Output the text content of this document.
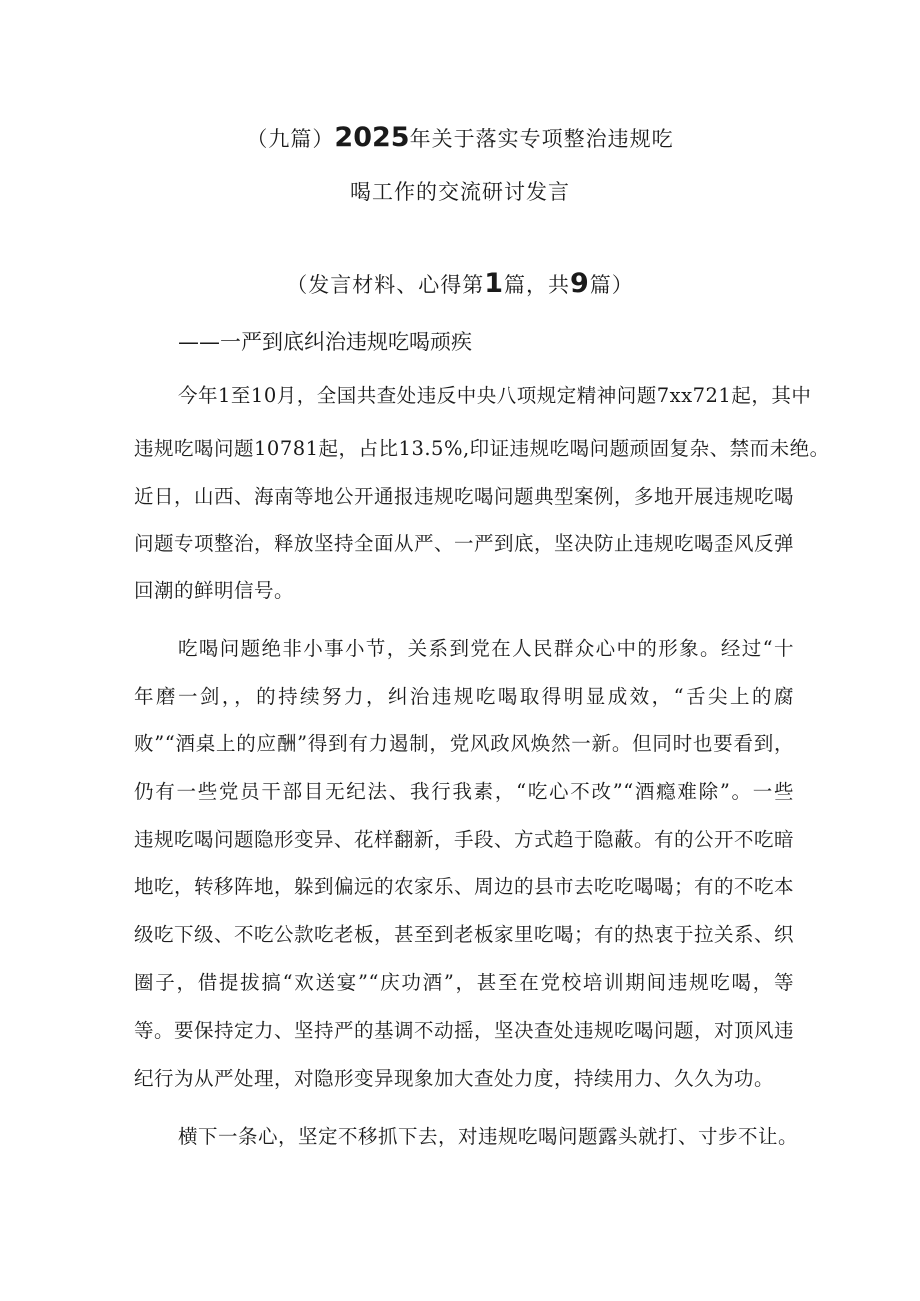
（九篇）2025年关于落实专项整治违规吃
喝工作的交流研讨发言
（发言材料、心得第1篇，共9篇）
——一严到底纠治违规吃喝顽疾
今年1至10月，全国共查处违反中央八项规定精神问题7xx721起，其中
违规吃喝问题10781起，占比13.5%,印证违规吃喝问题顽固复杂、禁而未绝。
近日，山西、海南等地公开通报违规吃喝问题典型案例，多地开展违规吃喝
问题专项整治，释放坚持全面从严、一严到底，坚决防止违规吃喝歪风反弹
回潮的鲜明信号。
吃喝问题绝非小事小节，关系到党在人民群众心中的形象。经过“十
年磨一剑，，的持续努力，纠治违规吃喝取得明显成效，“舌尖上的腐
败”“酒桌上的应酬”得到有力遏制，党风政风焕然一新。但同时也要看到，
仍有一些党员干部目无纪法、我行我素，“吃心不改”“酒瘾难除”。一些
违规吃喝问题隐形变异、花样翻新，手段、方式趋于隐蔽。有的公开不吃暗
地吃，转移阵地，躲到偏远的农家乐、周边的县市去吃吃喝喝；有的不吃本
级吃下级、不吃公款吃老板，甚至到老板家里吃喝；有的热衷于拉关系、织
圈子，借提拔搞“欢送宴”“庆功酒”，甚至在党校培训期间违规吃喝，等
等。要保持定力、坚持严的基调不动摇，坚决查处违规吃喝问题，对顶风违
纪行为从严处理，对隐形变异现象加大查处力度，持续用力、久久为功。
横下一条心，坚定不移抓下去，对违规吃喝问题露头就打、寸步不让。
